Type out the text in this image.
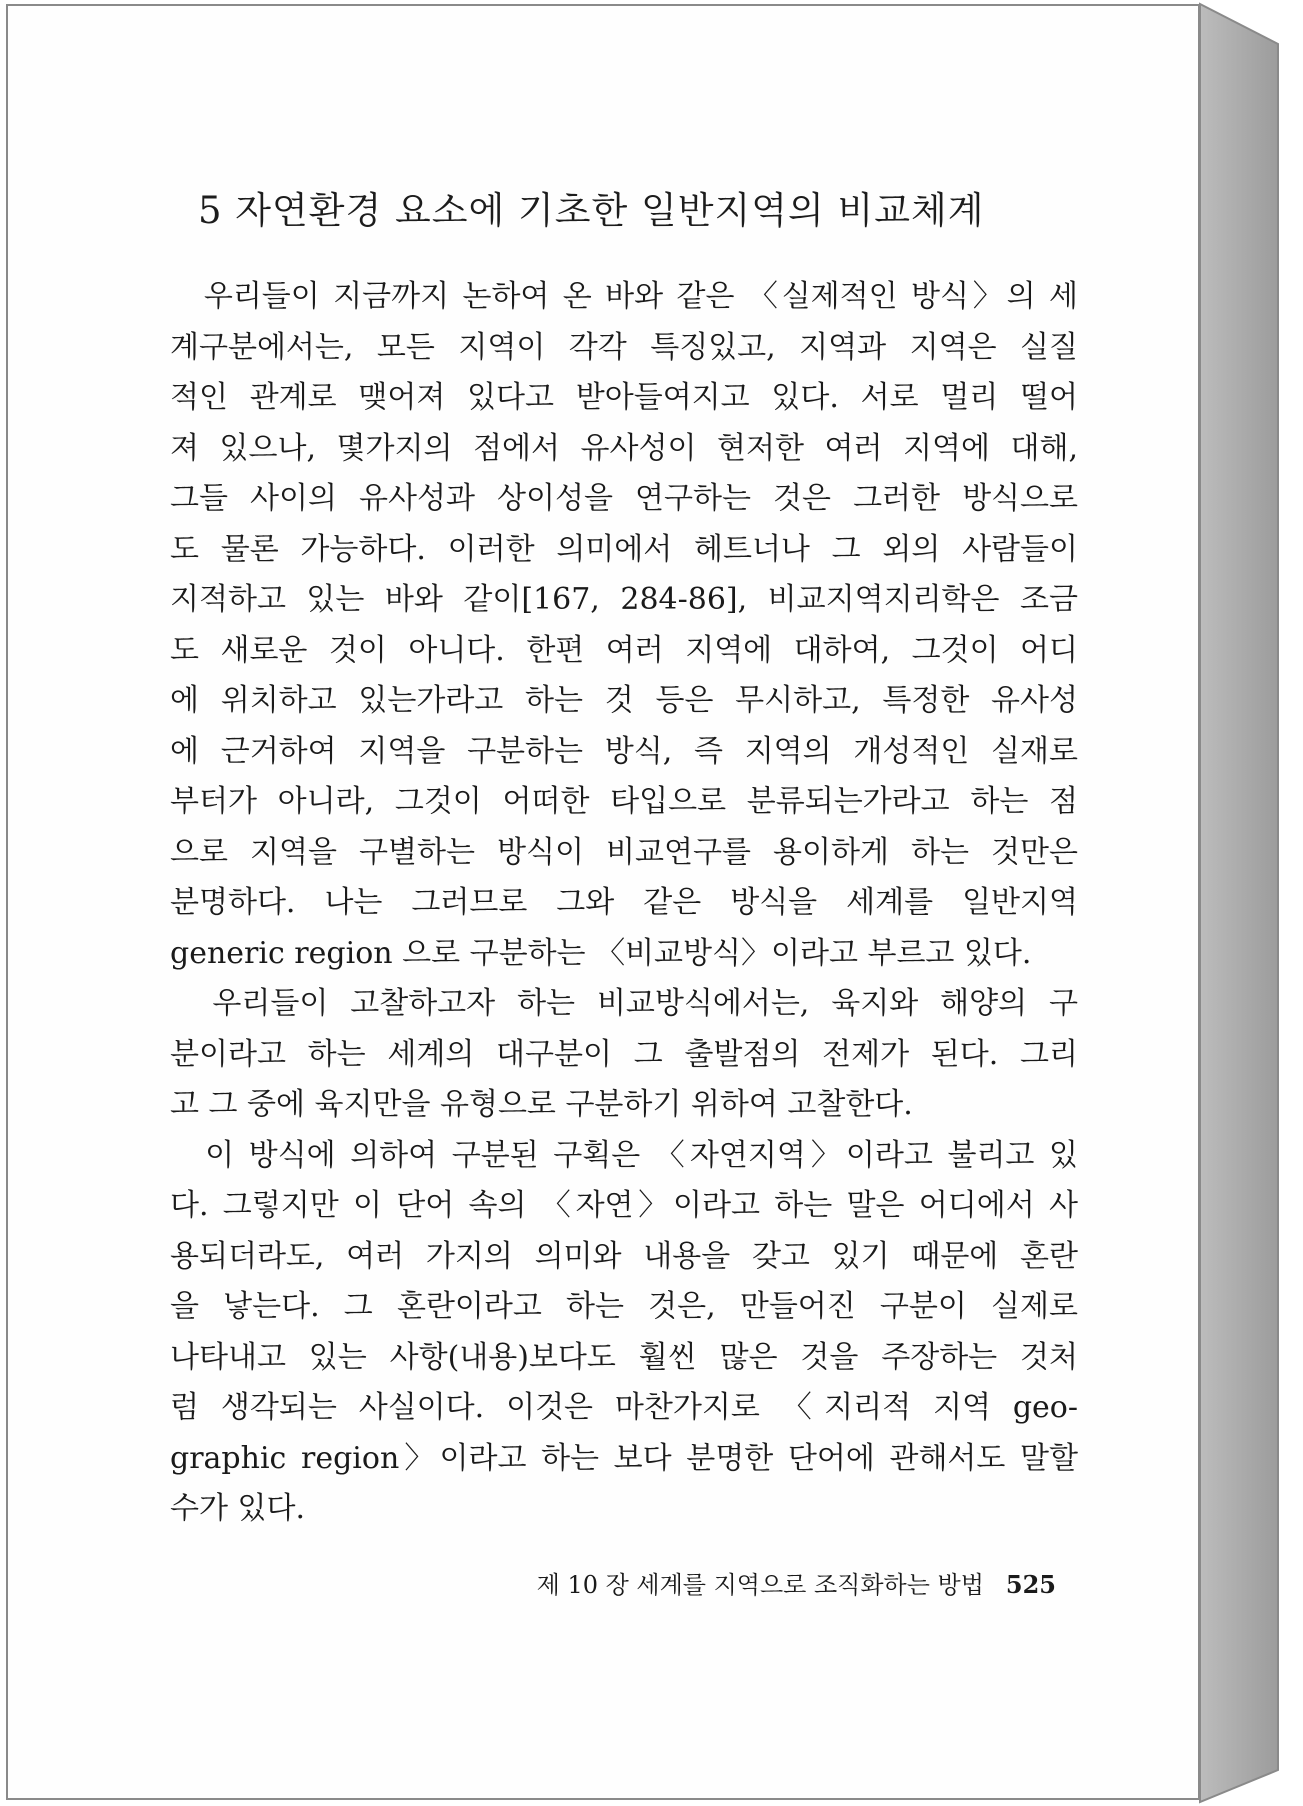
5 자연환경 요소에 기초한 일반지역의 비교체계
　우리들이 지금까지 논하여 온 바와 같은 〈실제적인 방식〉의 세
계구분에서는, 모든 지역이 각각 특징있고, 지역과 지역은 실질
적인 관계로 맺어져 있다고 받아들여지고 있다. 서로 멀리 떨어
져 있으나, 몇가지의 점에서 유사성이 현저한 여러 지역에 대해,
그들 사이의 유사성과 상이성을 연구하는 것은 그러한 방식으로
도 물론 가능하다. 이러한 의미에서 헤트너나 그 외의 사람들이
지적하고 있는 바와 같이[167, 284-86], 비교지역지리학은 조금
도 새로운 것이 아니다. 한편 여러 지역에 대하여, 그것이 어디
에 위치하고 있는가라고 하는 것 등은 무시하고, 특정한 유사성
에 근거하여 지역을 구분하는 방식, 즉 지역의 개성적인 실재로
부터가 아니라, 그것이 어떠한 타입으로 분류되는가라고 하는 점
으로 지역을 구별하는 방식이 비교연구를 용이하게 하는 것만은
분명하다. 나는 그러므로 그와 같은 방식을 세계를 일반지역
generic region 으로 구분하는 〈비교방식〉이라고 부르고 있다.
　우리들이 고찰하고자 하는 비교방식에서는, 육지와 해양의 구
분이라고 하는 세계의 대구분이 그 출발점의 전제가 된다. 그리
고 그 중에 육지만을 유형으로 구분하기 위하여 고찰한다.
　이 방식에 의하여 구분된 구획은 〈자연지역〉이라고 불리고 있
다. 그렇지만 이 단어 속의 〈자연〉이라고 하는 말은 어디에서 사
용되더라도, 여러 가지의 의미와 내용을 갖고 있기 때문에 혼란
을 낳는다. 그 혼란이라고 하는 것은, 만들어진 구분이 실제로
나타내고 있는 사항(내용)보다도 훨씬 많은 것을 주장하는 것처
럼 생각되는 사실이다. 이것은 마찬가지로 〈지리적 지역 geo-
graphic region〉이라고 하는 보다 분명한 단어에 관해서도 말할
수가 있다.
제 10 장 세계를 지역으로 조직화하는 방법 525
